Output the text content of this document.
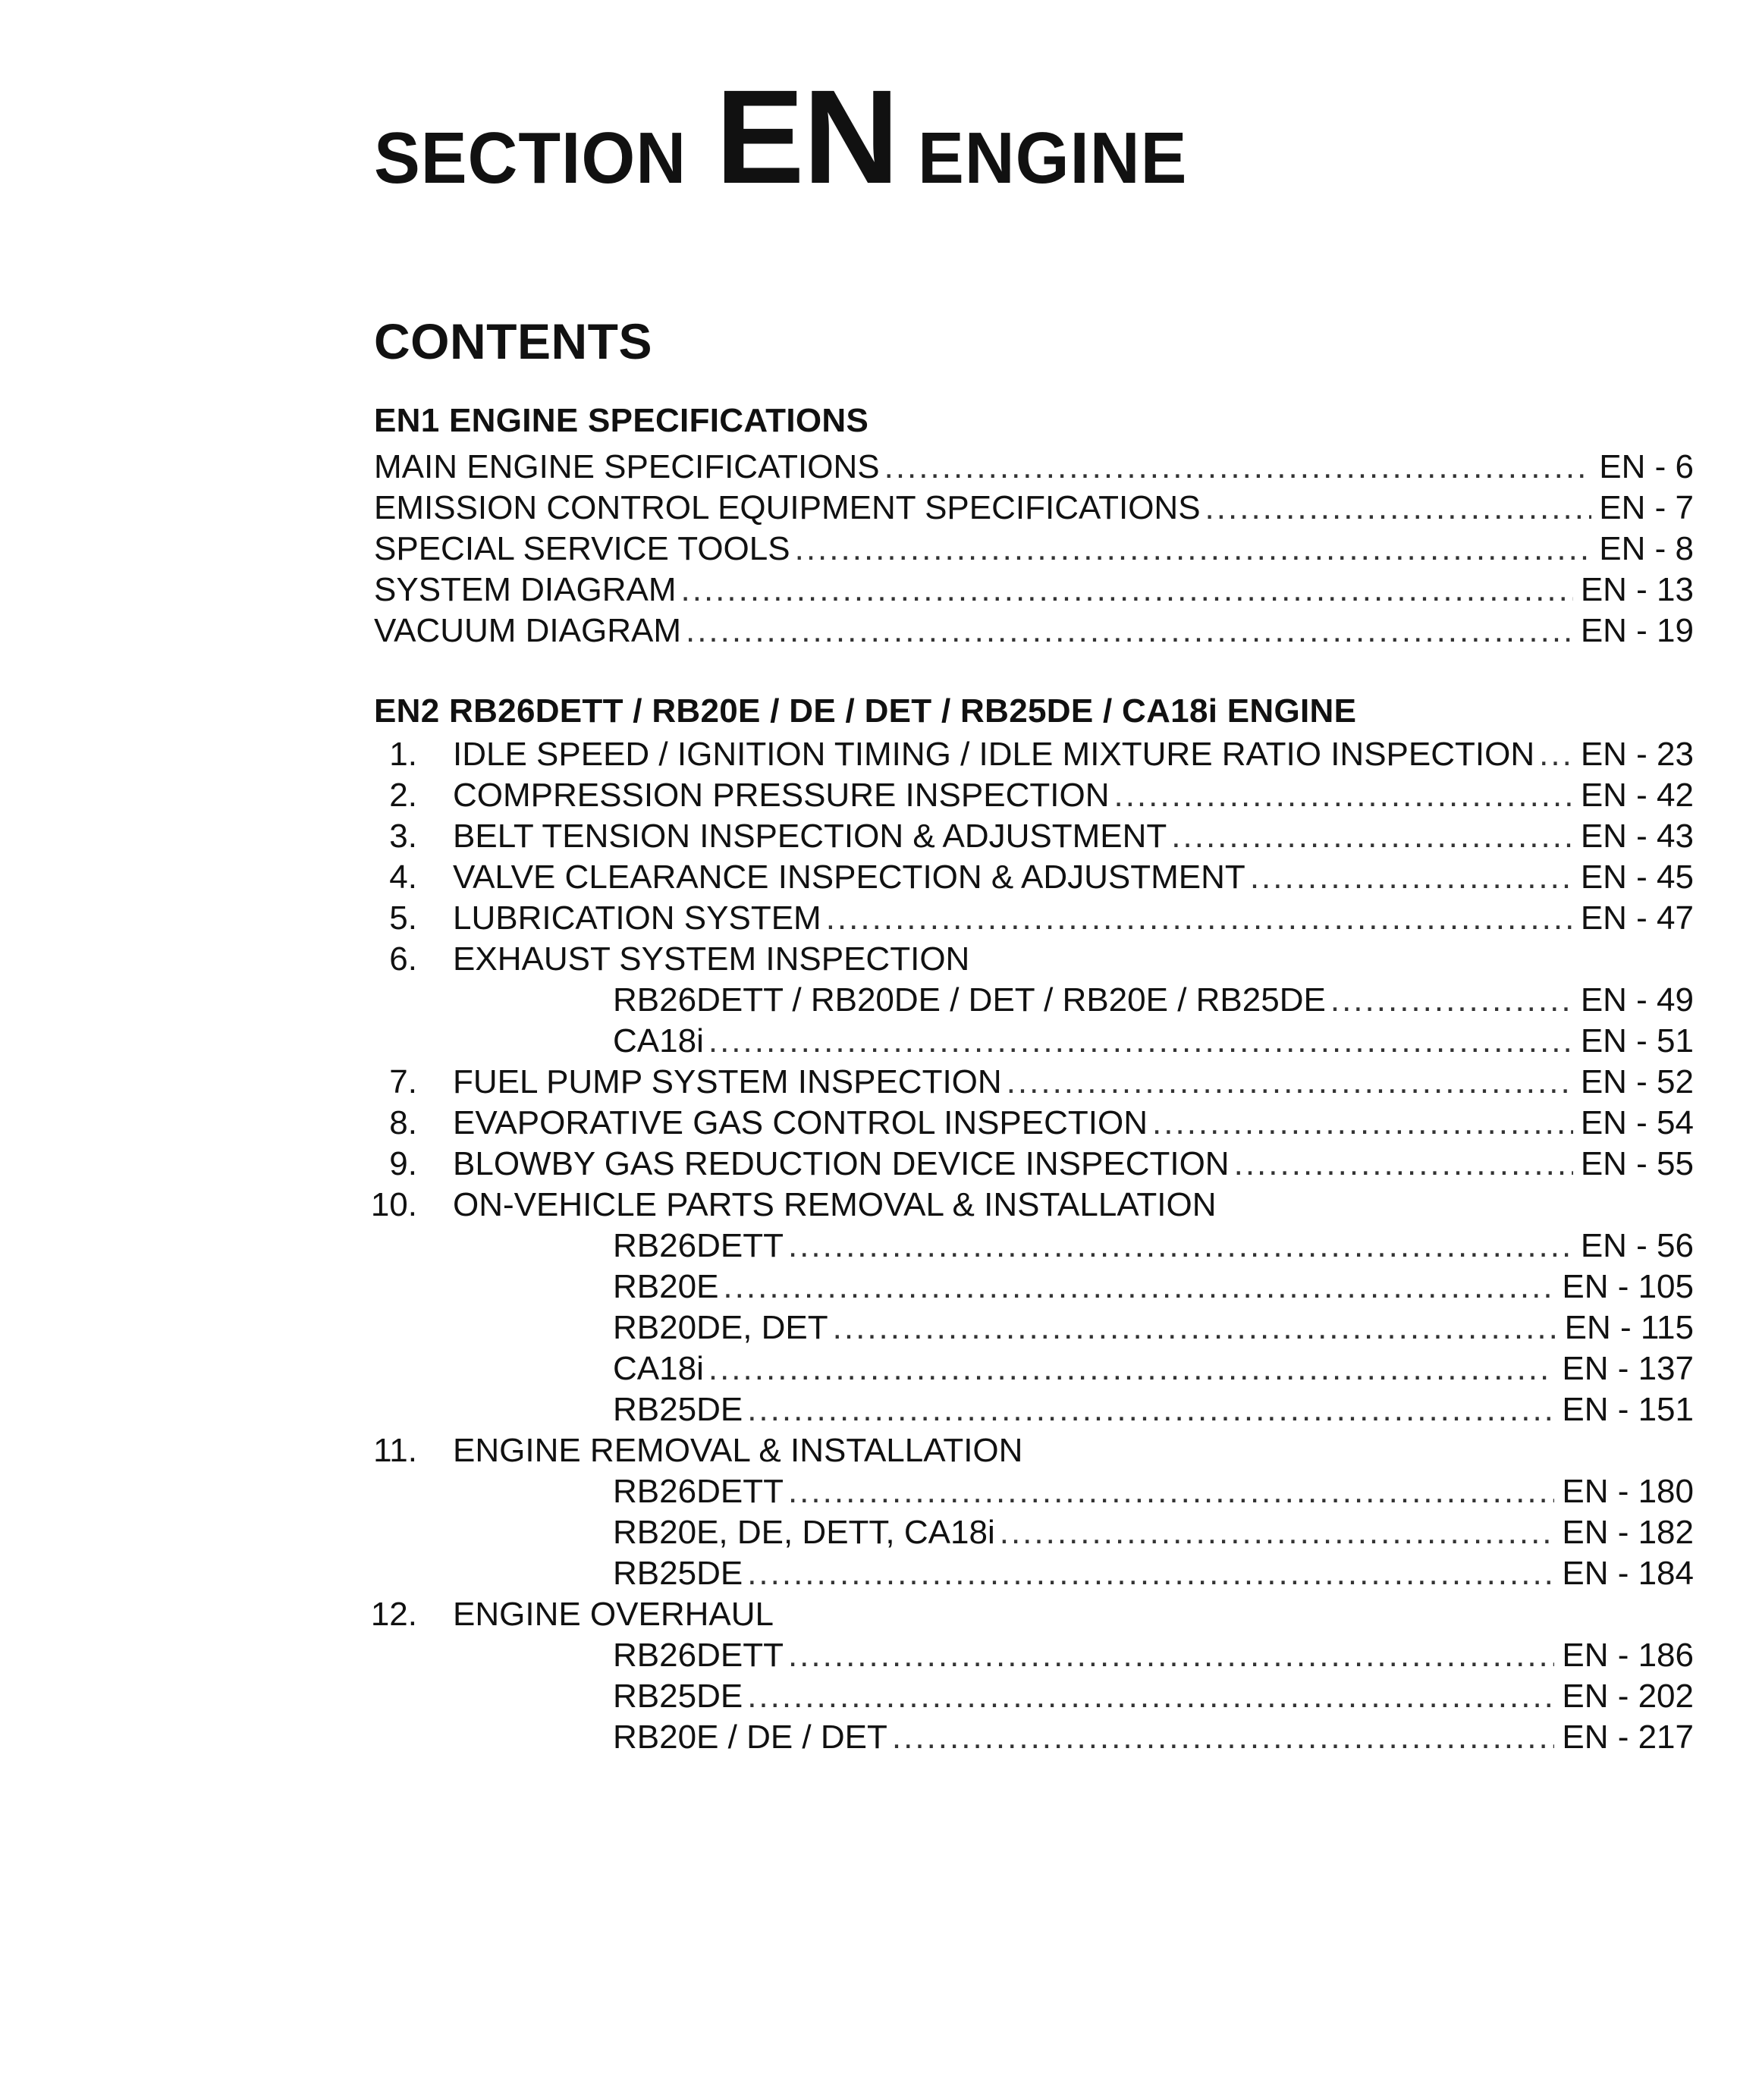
SECTION EN ENGINE
CONTENTS
EN1 ENGINE SPECIFICATIONS
MAIN ENGINE SPECIFICATIONS .....	EN - 6
EMISSION CONTROL EQUIPMENT SPECIFICATIONS .....	EN - 7
SPECIAL SERVICE TOOLS .....	EN - 8
SYSTEM DIAGRAM .....	EN - 13
VACUUM DIAGRAM .....	EN - 19
EN2 RB26DETT / RB20E / DE / DET / RB25DE / CA18i ENGINE
1. IDLE SPEED / IGNITION TIMING / IDLE MIXTURE RATIO INSPECTION ..... EN - 23
2. COMPRESSION PRESSURE INSPECTION .....	EN - 42
3. BELT TENSION INSPECTION & ADJUSTMENT .....	EN - 43
4. VALVE CLEARANCE INSPECTION & ADJUSTMENT .....	EN - 45
5. LUBRICATION SYSTEM .....	EN - 47
6. EXHAUST SYSTEM INSPECTION
RB26DETT / RB20DE / DET / RB20E / RB25DE .....	EN - 49
CA18i .....	EN - 51
7. FUEL PUMP SYSTEM INSPECTION .....	EN - 52
8. EVAPORATIVE GAS CONTROL INSPECTION .....	EN - 54
9. BLOWBY GAS REDUCTION DEVICE INSPECTION .....	EN - 55
10. ON-VEHICLE PARTS REMOVAL & INSTALLATION
RB26DETT .....	EN - 56
RB20E .....	EN - 105
RB20DE, DET .....	EN - 115
CA18i .....	EN - 137
RB25DE .....	EN - 151
11. ENGINE REMOVAL & INSTALLATION
RB26DETT .....	EN - 180
RB20E, DE, DETT, CA18i .....	EN - 182
RB25DE .....	EN - 184
12. ENGINE OVERHAUL
RB26DETT .....	EN - 186
RB25DE .....	EN - 202
RB20E / DE / DET .....	EN - 217
